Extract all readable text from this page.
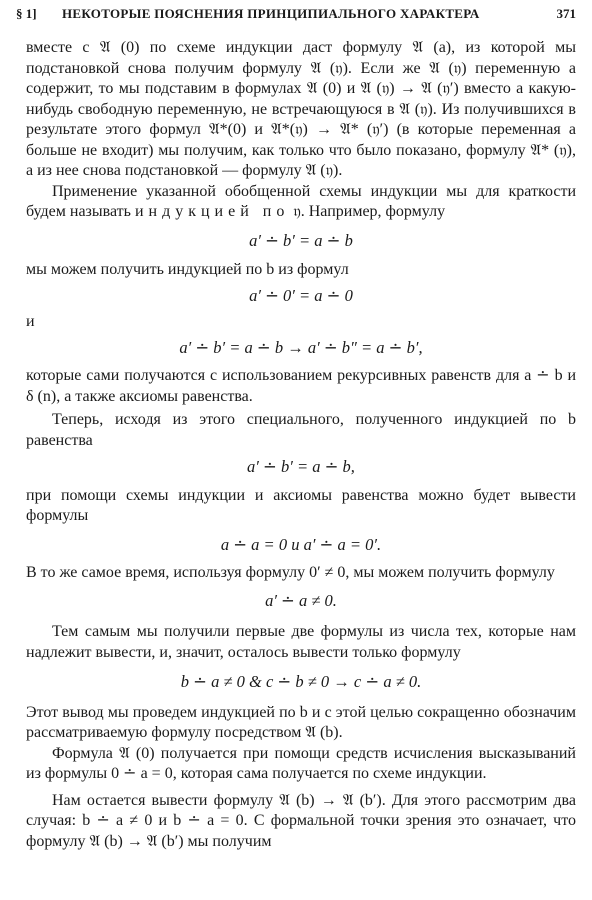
§ 1] НЕКОТОРЫЕ ПОЯСНЕНИЯ ПРИНЦИПИАЛЬНОГО ХАРАКТЕРА	371

вместе с 𝔄 (0) по схеме индукции даст формулу 𝔄 (a), из которой мы подстановкой снова получим формулу 𝔄 (𝔶). Если же 𝔄 (𝔶) переменную a содержит, то мы подставим в формулах 𝔄 (0) и 𝔄 (𝔶) → 𝔄 (𝔶′) вместо a какую-нибудь свободную переменную, не встречающуюся в 𝔄 (𝔶). Из получившихся в результате этого формул 𝔄*(0) и 𝔄*(𝔶) → 𝔄* (𝔶′) (в которые переменная a больше не входит) мы получим, как только что было показано, формулу 𝔄* (𝔶), а из нее снова подстановкой — формулу 𝔄 (𝔶).

Применение указанной обобщенной схемы индукции мы для краткости будем называть индукцией по 𝔶. Например, формулу

a′ ∸ b′ = a ∸ b

мы можем получить индукцией по b из формул

a′ ∸ 0′ = a ∸ 0

и

a′ ∸ b′ = a ∸ b → a′ ∸ b″ = a ∸ b′,

которые сами получаются с использованием рекурсивных равенств для a ∸ b и δ (n), а также аксиомы равенства.

Теперь, исходя из этого специального, полученного индукцией по b равенства

a′ ∸ b′ = a ∸ b,

при помощи схемы индукции и аксиомы равенства можно будет вывести формулы

a ∸ a = 0 и a′ ∸ a = 0′.

В то же самое время, используя формулу 0′ ≠ 0, мы можем получить формулу

a′ ∸ a ≠ 0.

Тем самым мы получили первые две формулы из числа тех, которые нам надлежит вывести, и, значит, осталось вывести только формулу

b ∸ a ≠ 0 & c ∸ b ≠ 0 → c ∸ a ≠ 0.

Этот вывод мы проведем индукцией по b и с этой целью сокращенно обозначим рассматриваемую формулу посредством 𝔄 (b).

Формула 𝔄 (0) получается при помощи средств исчисления высказываний из формулы 0 ∸ a = 0, которая сама получается по схеме индукции.

Нам остается вывести формулу 𝔄 (b) → 𝔄 (b′). Для этого рассмотрим два случая: b ∸ a ≠ 0 и b ∸ a = 0. С формальной точки зрения это означает, что формулу 𝔄 (b) → 𝔄 (b′) мы получим
